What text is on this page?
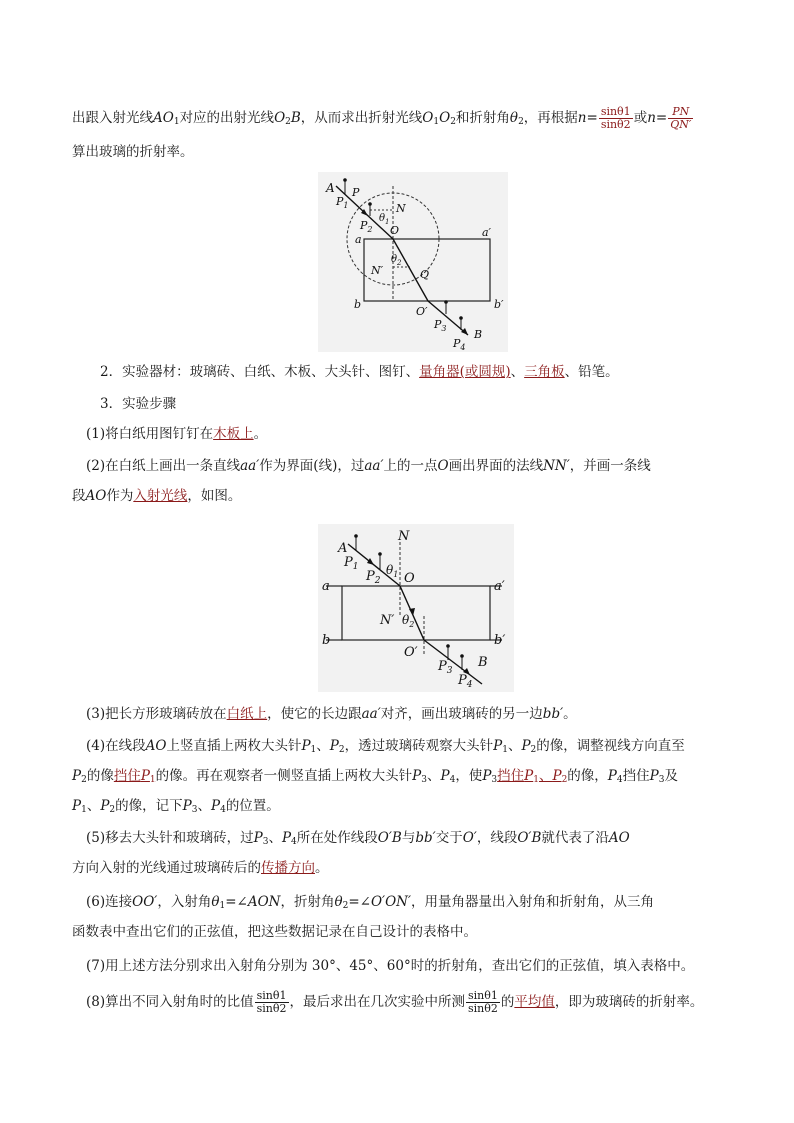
出跟入射光线$AO_1$对应的出射光线$O_2B$，从而求出折射光线$O_1O_2$和折射角$\theta_2$，再根据$n= \frac{\sin\theta 1}{\sin\theta 2}$ 或$n= \frac{PN}{QN'}$
算出玻璃的折射率。
A
$P_1$
P
N
$P_2$
$\theta_1$
O
a
a′
$\theta_2$
N′	Q
b	b′
O′
$P_3$
$P_4$
B
2．实验器材：玻璃砖、白纸、木板、大头针、图钉、量角器(或圆规)、三角板、铅笔。
3．实验步骤
(1)将白纸用图钉钉在木板上。
(2)在白纸上画出一条直线aa′作为界面(线)，过aa′上的一点O画出界面的法线NN′，并画一条线
段AO作为入射光线，如图。
A
$P_1$
N
$P_2$
$\theta_1$ O
a	a′
N′ $\theta_2$
b	b′
O′
$P_3$
B
$P_4$
(3)把长方形玻璃砖放在白纸上，使它的长边跟aa′对齐，画出玻璃砖的另一边bb′。
(4)在线段AO上竖直插上两枚大头针$P_1$、$P_2$，透过玻璃砖观察大头针$P_1$、$P_2$的像，调整视线方向直至
$P_2$的像挡住$P_1$的像。再在观察者一侧竖直插上两枚大头针$P_3$、$P_4$，使$P_3$挡住$P_1$、$P_2$的像，$P_4$挡住$P_3$及
$P_1$、$P_2$的像，记下$P_3$、$P_4$的位置。
(5)移去大头针和玻璃砖，过$P_3$、$P_4$所在处作线段O′B与bb′交于O′，线段O′B就代表了沿AO
方向入射的光线通过玻璃砖后的传播方向。
(6)连接OO′，入射角$\theta_1=\angle AON$，折射角$\theta_2=\angle O'ON'$，用量角器量出入射角和折射角，从三角
函数表中查出它们的正弦值，把这些数据记录在自己设计的表格中。
(7)用上述方法分别求出入射角分别为 30°、45°、60°时的折射角，查出它们的正弦值，填入表格中。
(8)算出不同入射角时的比值 $\frac{\sin\theta 1}{\sin\theta 2}$ ，最后求出在几次实验中所测 $\frac{\sin\theta 1}{\sin\theta 2}$ 的平均值，即为玻璃砖的折射率。
